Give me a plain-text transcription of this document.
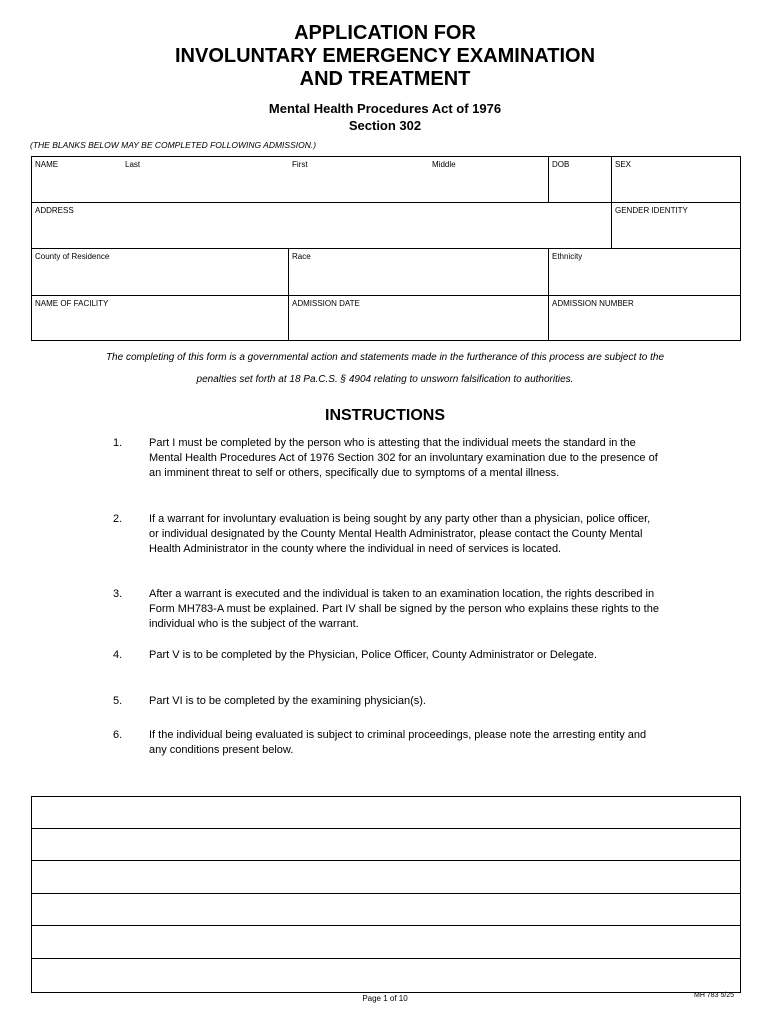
APPLICATION FOR
INVOLUNTARY EMERGENCY EXAMINATION
AND TREATMENT
Mental Health Procedures Act of 1976
Section 302
(THE BLANKS BELOW MAY BE COMPLETED FOLLOWING ADMISSION.)
NAME	Last	First	Middle	DOB	SEX
ADDRESS	GENDER IDENTITY
County of Residence	Race	Ethnicity
NAME OF FACILITY	ADMISSION DATE	ADMISSION NUMBER
The completing of this form is a governmental action and statements made in the furtherance of this process are subject to the
penalties set forth at 18 Pa.C.S. § 4904 relating to unsworn falsification to authorities.
INSTRUCTIONS
1. Part I must be completed by the person who is attesting that the individual meets the standard in the Mental Health Procedures Act of 1976 Section 302 for an involuntary examination due to the presence of an imminent threat to self or others, specifically due to symptoms of a mental illness.
2. If a warrant for involuntary evaluation is being sought by any party other than a physician, police officer, or individual designated by the County Mental Health Administrator, please contact the County Mental Health Administrator in the county where the individual in need of services is located.
3. After a warrant is executed and the individual is taken to an examination location, the rights described in Form MH783-A must be explained. Part IV shall be signed by the person who explains these rights to the individual who is the subject of the warrant.
4. Part V is to be completed by the Physician, Police Officer, County Administrator or Delegate.
5. Part VI is to be completed by the examining physician(s).
6. If the individual being evaluated is subject to criminal proceedings, please note the arresting entity and any conditions present below.
Page 1 of 10	MH 783 5/25
